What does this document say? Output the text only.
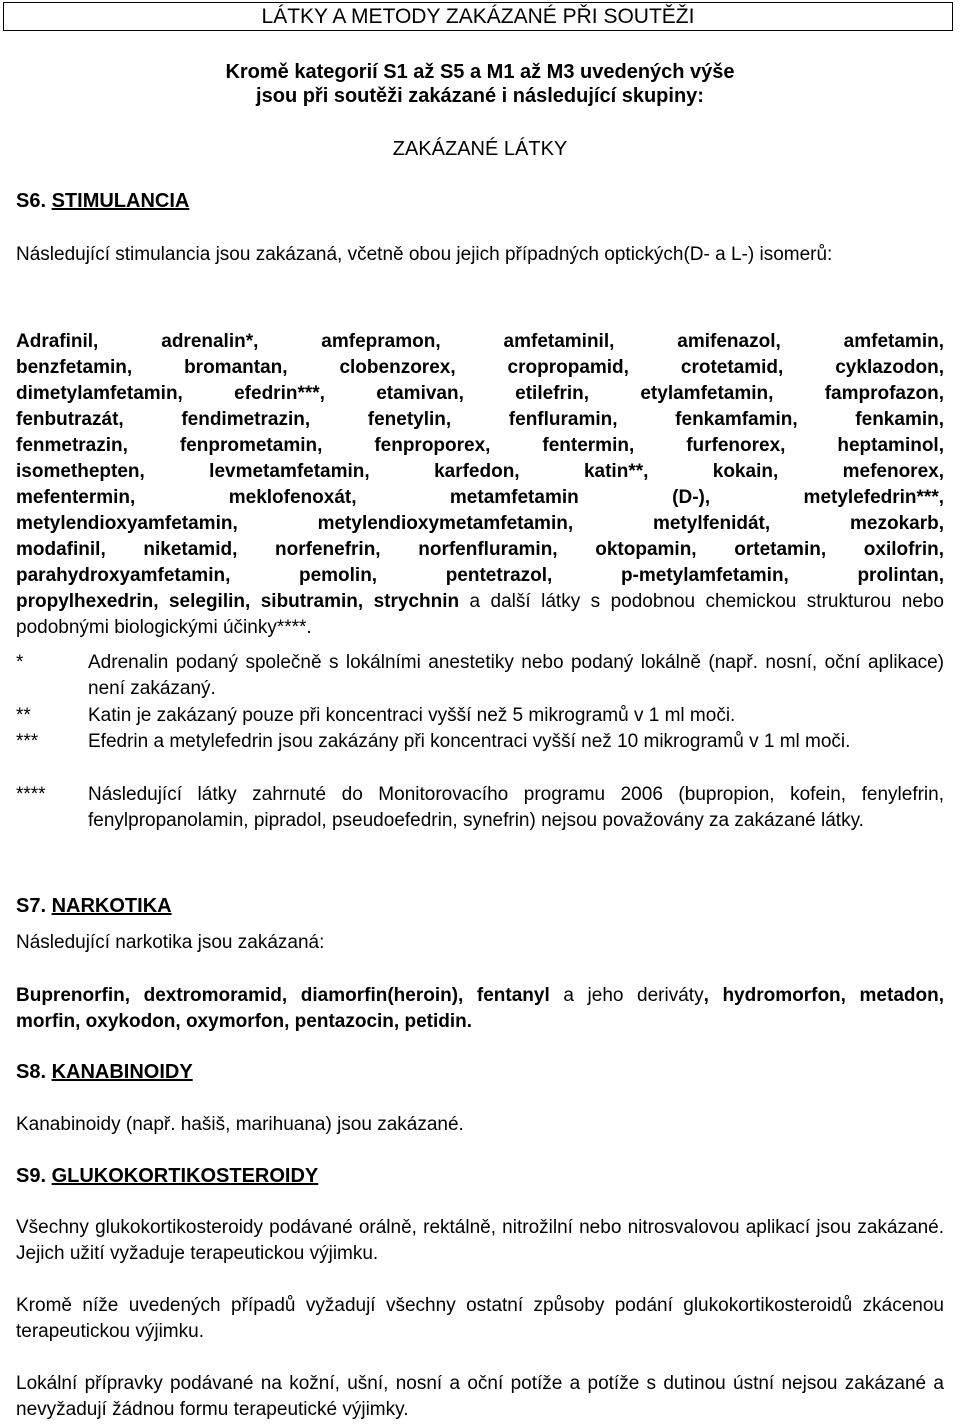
LÁTKY A METODY ZAKÁZANÉ PŘI SOUTĚŽI
Kromě kategorií S1 až S5 a M1 až M3 uvedených výše
jsou při soutěži zakázané i následující skupiny:
ZAKÁZANÉ LÁTKY
S6. STIMULANCIA

Následující stimulancia jsou zakázaná, včetně obou jejich případných optických(D- a L-) isomerů:

Adrafinil, adrenalin*, amfepramon, amfetaminil, amifenazol, amfetamin,
benzfetamin, bromantan, clobenzorex, cropropamid, crotetamid, cyklazodon,
dimetylamfetamin, efedrin***, etamivan, etilefrin, etylamfetamin, famprofazon,
fenbutrazát, fendimetrazin, fenetylin, fenfluramin, fenkamfamin, fenkamin,
fenmetrazin, fenprometamin, fenproporex, fentermin, furfenorex, heptaminol,
isomethepten, levmetamfetamin, karfedon, katin**, kokain, mefenorex,
mefentermin, meklofenoxát, metamfetamin (D-), metylefedrin***,
metylendioxyamfetamin, metylendioxymetamfetamin, metylfenidát, mezokarb,
modafinil, niketamid, norfenefrin, norfenfluramin, oktopamin, ortetamin, oxilofrin,
parahydroxyamfetamin, pemolin, pentetrazol, p-metylamfetamin, prolintan,
propylhexedrin, selegilin, sibutramin, strychnin a další látky s podobnou chemickou strukturou nebo podobnými biologickými účinky****.
*	Adrenalin podaný společně s lokálními anestetiky nebo podaný lokálně (např. nosní, oční aplikace) není zakázaný.
**	Katin je zakázaný pouze při koncentraci vyšší než 5 mikrogramů v 1 ml moči.
***	Efedrin a metylefedrin jsou zakázány při koncentraci vyšší než 10 mikrogramů v 1 ml moči.
****	Následující látky zahrnuté do Monitorovacího programu 2006 (bupropion, kofein, fenylefrin, fenylpropanolamin, pipradol, pseudoefedrin, synefrin) nejsou považovány za zakázané látky.
S7. NARKOTIKA

Následující narkotika jsou zakázaná:

Buprenorfin, dextromoramid, diamorfin(heroin), fentanyl a jeho deriváty, hydromorfon, metadon, morfin, oxykodon, oxymorfon, pentazocin, petidin.

S8. KANABINOIDY

Kanabinoidy (např. hašiš, marihuana) jsou zakázané.

S9. GLUKOKORTIKOSTEROIDY

Všechny glukokortikosteroidy podávané orálně, rektálně, nitrožilní nebo nitrosvalovou aplikací jsou zakázané. Jejich užití vyžaduje terapeutickou výjimku.

Kromě níže uvedených případů vyžadují všechny ostatní způsoby podání glukokortikosteroidů zkácenou terapeutickou výjimku.

Lokální přípravky podávané na kožní, ušní, nosní a oční potíže a potíže s dutinou ústní nejsou zakázané a nevyžadují žádnou formu terapeutické výjimky.
